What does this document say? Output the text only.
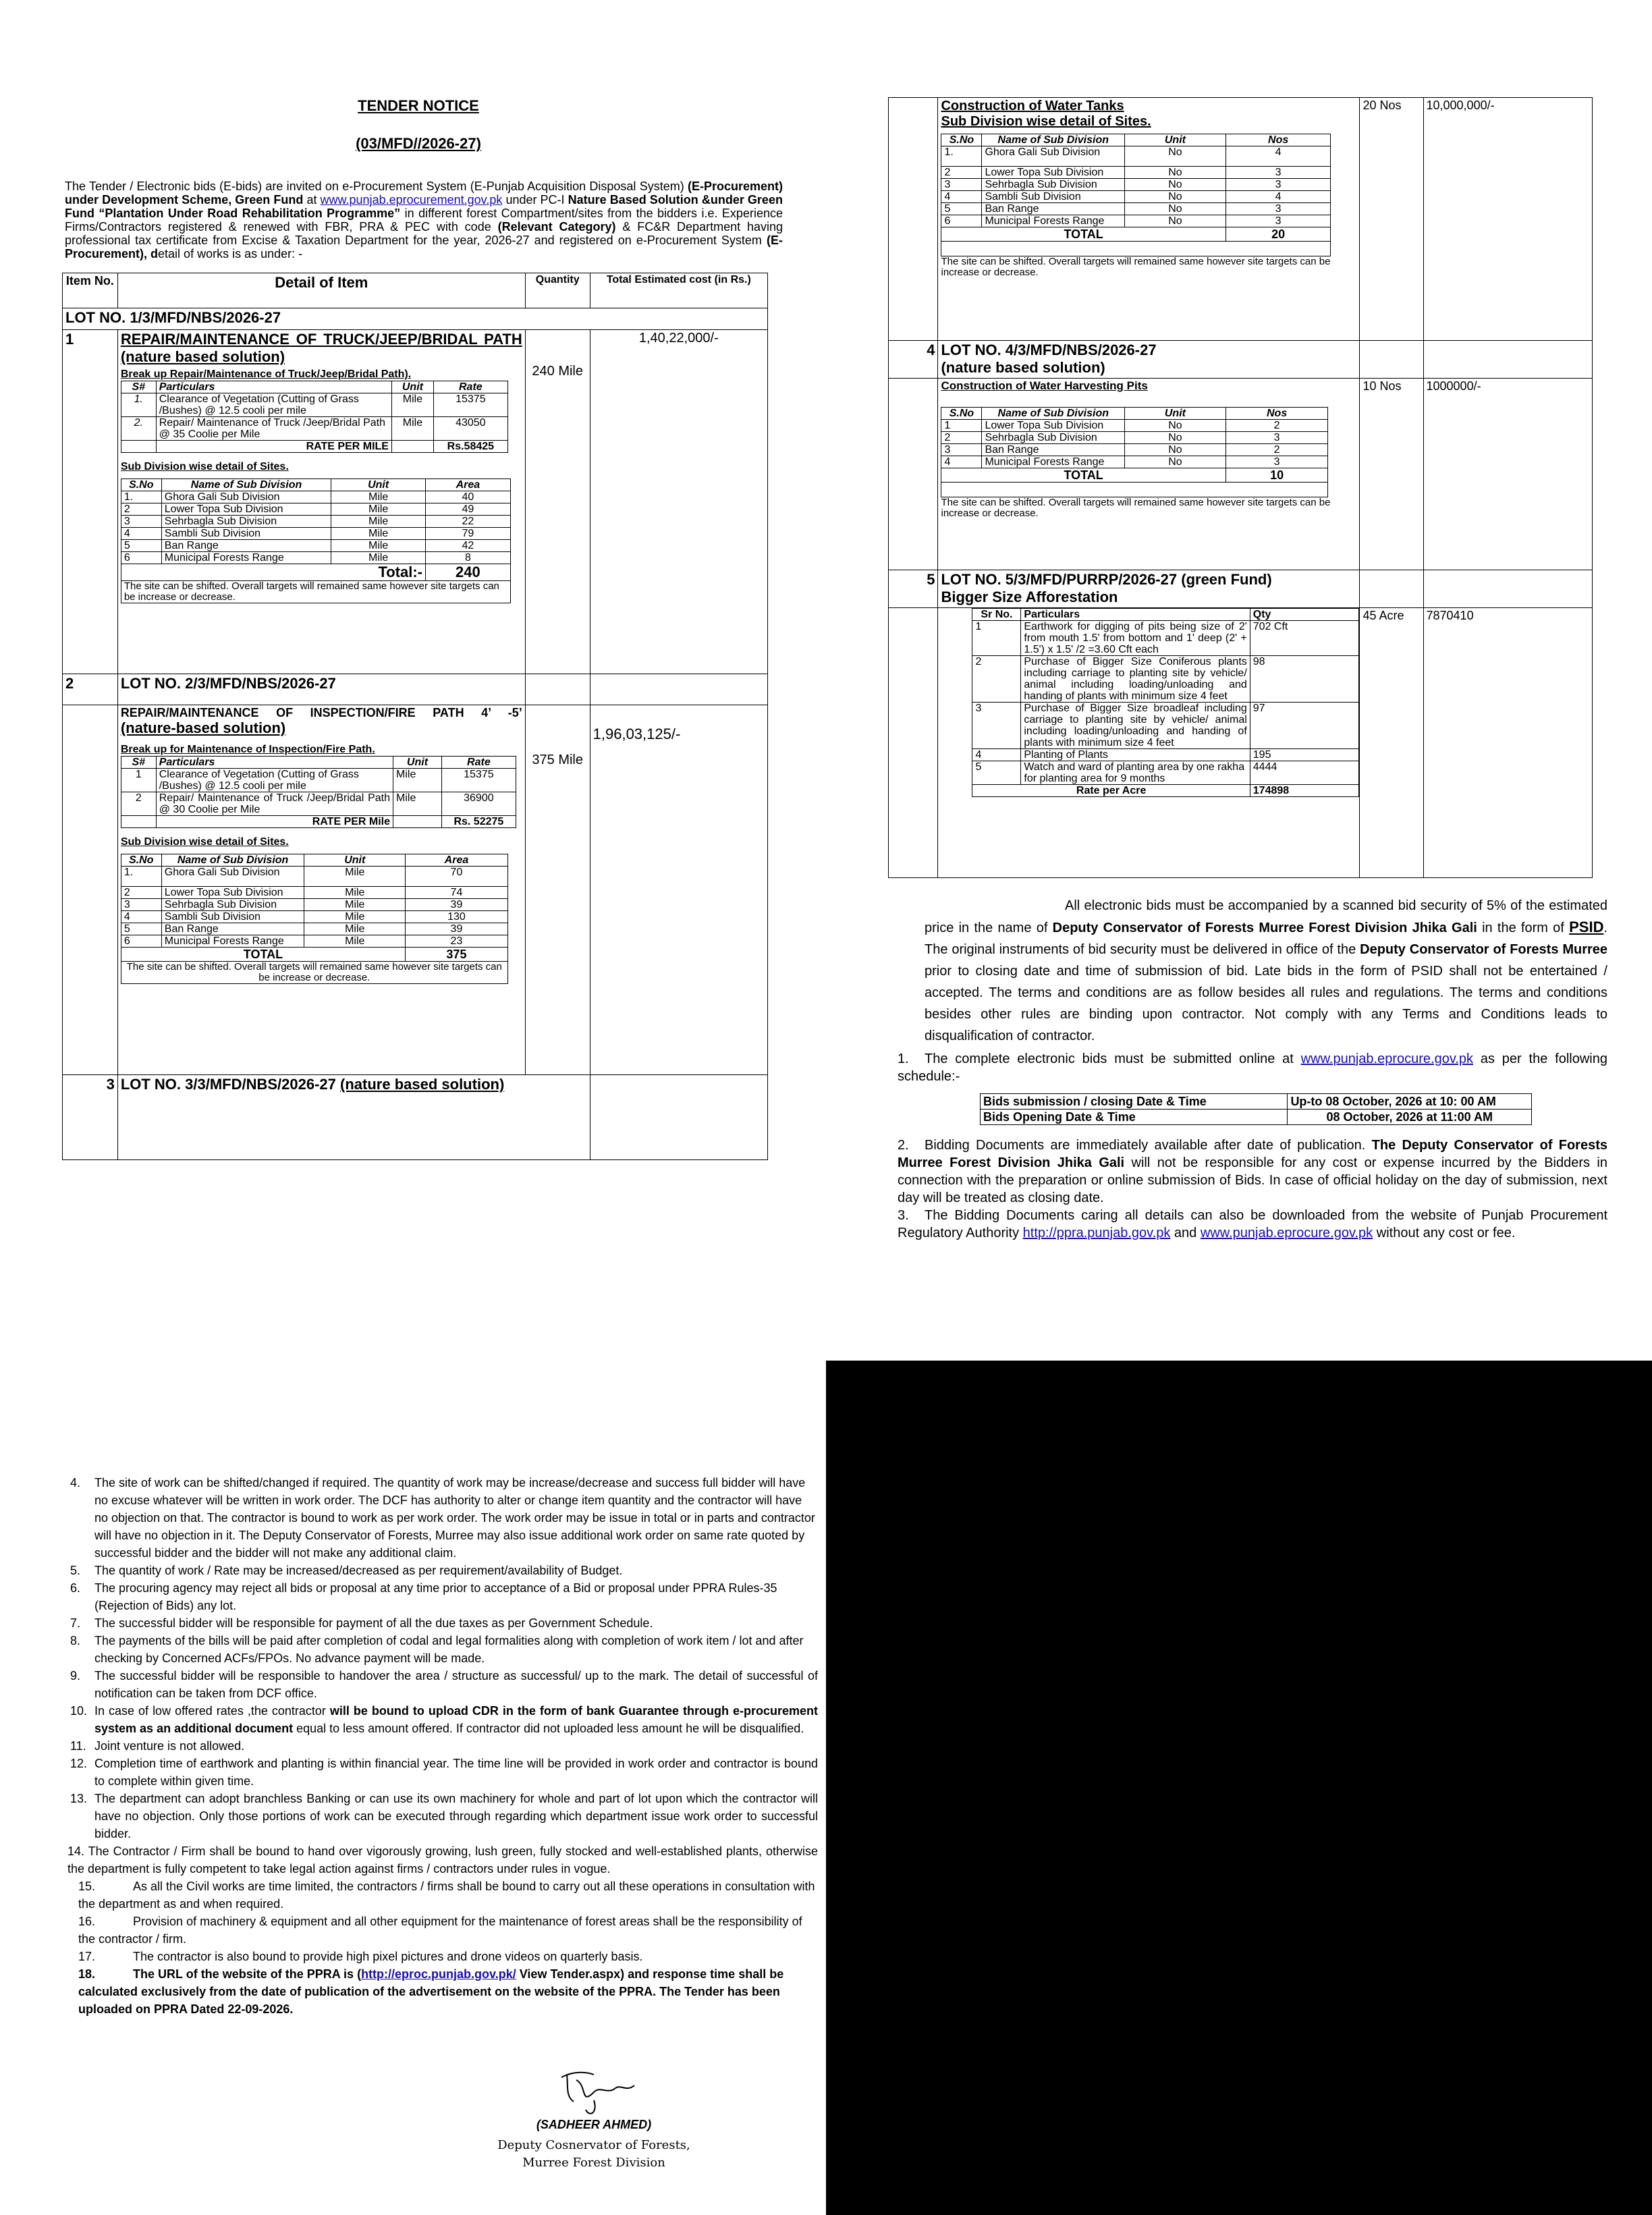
TENDER NOTICE
(03/MFD//2026-27)
The Tender / Electronic bids (E-bids) are invited on e-Procurement System (E-Punjab Acquisition Disposal System) (E-Procurement) under Development Scheme, Green Fund at www.punjab.eprocurement.gov.pk under PC-I Nature Based Solution &under Green Fund “Plantation Under Road Rehabilitation Programme” in different forest Compartment/sites from the bidders i.e. Experience Firms/Contractors registered & renewed with FBR, PRA & PEC with code (Relevant Category) & FC&R Department having professional tax certificate from Excise & Taxation Department for the year, 2026-27 and registered on e-Procurement System (E-Procurement), detail of works is as under: -
Item No.	Detail of Item	Quantity	Total Estimated cost (in Rs.)
LOT NO. 1/3/MFD/NBS/2026-27
1	REPAIR/MAINTENANCE OF TRUCK/JEEP/BRIDAL PATH
(nature based solution)
Break up Repair/Maintenance of Truck/Jeep/Bridal Path).
S#	Particulars	Unit	Rate
1.	Clearance of Vegetation (Cutting of Grass /Bushes) @ 12.5 cooli per mile	Mile	15375
2.	Repair/ Maintenance of Truck /Jeep/Bridal Path @ 35 Coolie per Mile	Mile	43050
	RATE PER MILE		Rs.58425
Sub Division wise detail of Sites.
S.No	Name of Sub Division	Unit	Area
1.	Ghora Gali Sub Division	Mile	40
2	Lower Topa Sub Division	Mile	49
3	Sehrbagla Sub Division	Mile	22
4	Sambli Sub Division	Mile	79
5	Ban Range	Mile	42
6	Municipal Forests Range	Mile	8
Total:-	240
The site can be shifted. Overall targets will remained same however site targets can be increase or decrease.
	240 Mile	1,40,22,000/-
2	LOT NO. 2/3/MFD/NBS/2026-27		

REPAIR/MAINTENANCE OF INSPECTION/FIRE PATH 4’ -5’
(nature-based solution)
Break up for Maintenance of Inspection/Fire Path.
S#	Particulars	Unit	Rate
1	Clearance of Vegetation (Cutting of Grass /Bushes) @ 12.5 cooli per mile	Mile	15375
2	Repair/ Maintenance of Truck /Jeep/Bridal Path @ 30 Coolie per Mile	Mile	36900
	RATE PER Mile		Rs. 52275
Sub Division wise detail of Sites.
S.No	Name of Sub Division	Unit	Area
1.	Ghora Gali Sub Division	Mile	70
2	Lower Topa Sub Division	Mile	74
3	Sehrbagla Sub Division	Mile	39
4	Sambli Sub Division	Mile	130
5	Ban Range	Mile	39
6	Municipal Forests Range	Mile	23
TOTAL	375
The site can be shifted. Overall targets will remained same however site targets can be increase or decrease.
	375 Mile	1,96,03,125/-
3	LOT NO. 3/3/MFD/NBS/2026-27 (nature based solution)	

Construction of Water Tanks
Sub Division wise detail of Sites.
S.No	Name of Sub Division	Unit	Nos
1.	Ghora Gali Sub Division	No	4
2	Lower Topa Sub Division	No	3
3	Sehrbagla Sub Division	No	3
4	Sambli Sub Division	No	4
5	Ban Range	No	3
6	Municipal Forests Range	No	3
TOTAL	20

The site can be shifted. Overall targets will remained same however site targets can be increase or decrease.
	20 Nos	10,000,000/-
4	LOT NO. 4/3/MFD/NBS/2026-27
(nature based solution)

Construction of Water Harvesting Pits
S.No	Name of Sub Division	Unit	Nos
1	Lower Topa Sub Division	No	2
2	Sehrbagla Sub Division	No	3
3	Ban Range	No	2
4	Municipal Forests Range	No	3
TOTAL	10

The site can be shifted. Overall targets will remained same however site targets can be increase or decrease.
	10 Nos	1000000/-
5	LOT NO. 5/3/MFD/PURRP/2026-27 (green Fund)
Bigger Size Afforestation

Sr No.	Particulars	Qty
1	Earthwork for digging of pits being size of 2' from mouth 1.5' from bottom and 1' deep (2' + 1.5') x 1.5' /2 =3.60 Cft each	702 Cft
2	Purchase of Bigger Size Coniferous plants including carriage to planting site by vehicle/ animal including loading/unloading and handing of plants with minimum size 4 feet	98
3	Purchase of Bigger Size broadleaf including carriage to planting site by vehicle/ animal including loading/unloading and handing of plants with minimum size 4 feet	97
4	Planting of Plants	195
5	Watch and ward of planting area by one rakha for planting area for 9 months	4444
Rate per Acre	174898
	45 Acre	7870410
All electronic bids must be accompanied by a scanned bid security of 5% of the estimated price in the name of Deputy Conservator of Forests Murree Forest Division Jhika Gali in the form of PSID. The original instruments of bid security must be delivered in office of the Deputy Conservator of Forests Murree prior to closing date and time of submission of bid. Late bids in the form of PSID shall not be entertained / accepted. The terms and conditions are as follow besides all rules and regulations. The terms and conditions besides other rules are binding upon contractor. Not comply with any Terms and Conditions leads to disqualification of contractor.
1. The complete electronic bids must be submitted online at www.punjab.eprocure.gov.pk as per the following schedule:-
Bids submission / closing Date & Time	Up-to 08 October, 2026 at 10: 00 AM
Bids Opening Date & Time	08 October, 2026 at 11:00 AM
2. Bidding Documents are immediately available after date of publication. The Deputy Conservator of Forests Murree Forest Division Jhika Gali will not be responsible for any cost or expense incurred by the Bidders in connection with the preparation or online submission of Bids. In case of official holiday on the day of submission, next day will be treated as closing date.
3. The Bidding Documents caring all details can also be downloaded from the website of Punjab Procurement Regulatory Authority http://ppra.punjab.gov.pk and www.punjab.eprocure.gov.pk without any cost or fee.
4.	The site of work can be shifted/changed if required. The quantity of work may be increase/decrease and success full bidder will have no excuse whatever will be written in work order. The DCF has authority to alter or change item quantity and the contractor will have no objection on that. The contractor is bound to work as per work order. The work order may be issue in total or in parts and contractor will have no objection in it. The Deputy Conservator of Forests, Murree may also issue additional work order on same rate quoted by successful bidder and the bidder will not make any additional claim.
5.	The quantity of work / Rate may be increased/decreased as per requirement/availability of Budget.
6.	The procuring agency may reject all bids or proposal at any time prior to acceptance of a Bid or proposal under PPRA Rules-35 (Rejection of Bids) any lot.
7.	The successful bidder will be responsible for payment of all the due taxes as per Government Schedule.
8.	The payments of the bills will be paid after completion of codal and legal formalities along with completion of work item / lot and after checking by Concerned ACFs/FPOs. No advance payment will be made.
9.	The successful bidder will be responsible to handover the area / structure as successful/ up to the mark. The detail of successful of notification can be taken from DCF office.
10. In case of low offered rates ,the contractor will be bound to upload CDR in the form of bank Guarantee through e-procurement system as an additional document equal to less amount offered. If contractor did not uploaded less amount he will be disqualified.
11. Joint venture is not allowed.
12. Completion time of earthwork and planting is within financial year. The time line will be provided in work order and contractor is bound to complete within given time.
13. The department can adopt branchless Banking or can use its own machinery for whole and part of lot upon which the contractor will have no objection. Only those portions of work can be executed through regarding which department issue work order to successful bidder.
14. The Contractor / Firm shall be bound to hand over vigorously growing, lush green, fully stocked and well-established plants, otherwise the department is fully competent to take legal action against firms / contractors under rules in vogue.
15.	As all the Civil works are time limited, the contractors / firms shall be bound to carry out all these operations in consultation with the department as and when required.
16.	Provision of machinery & equipment and all other equipment for the maintenance of forest areas shall be the responsibility of the contractor / firm.
17.	The contractor is also bound to provide high pixel pictures and drone videos on quarterly basis.
18.	The URL of the website of the PPRA is (http://eproc.punjab.gov.pk/ View Tender.aspx) and response time shall be calculated exclusively from the date of publication of the advertisement on the website of the PPRA. The Tender has been uploaded on PPRA Dated 22-09-2026.
(SADHEER AHMED)
Deputy Cosnervator of Forests,
Murree Forest Division
